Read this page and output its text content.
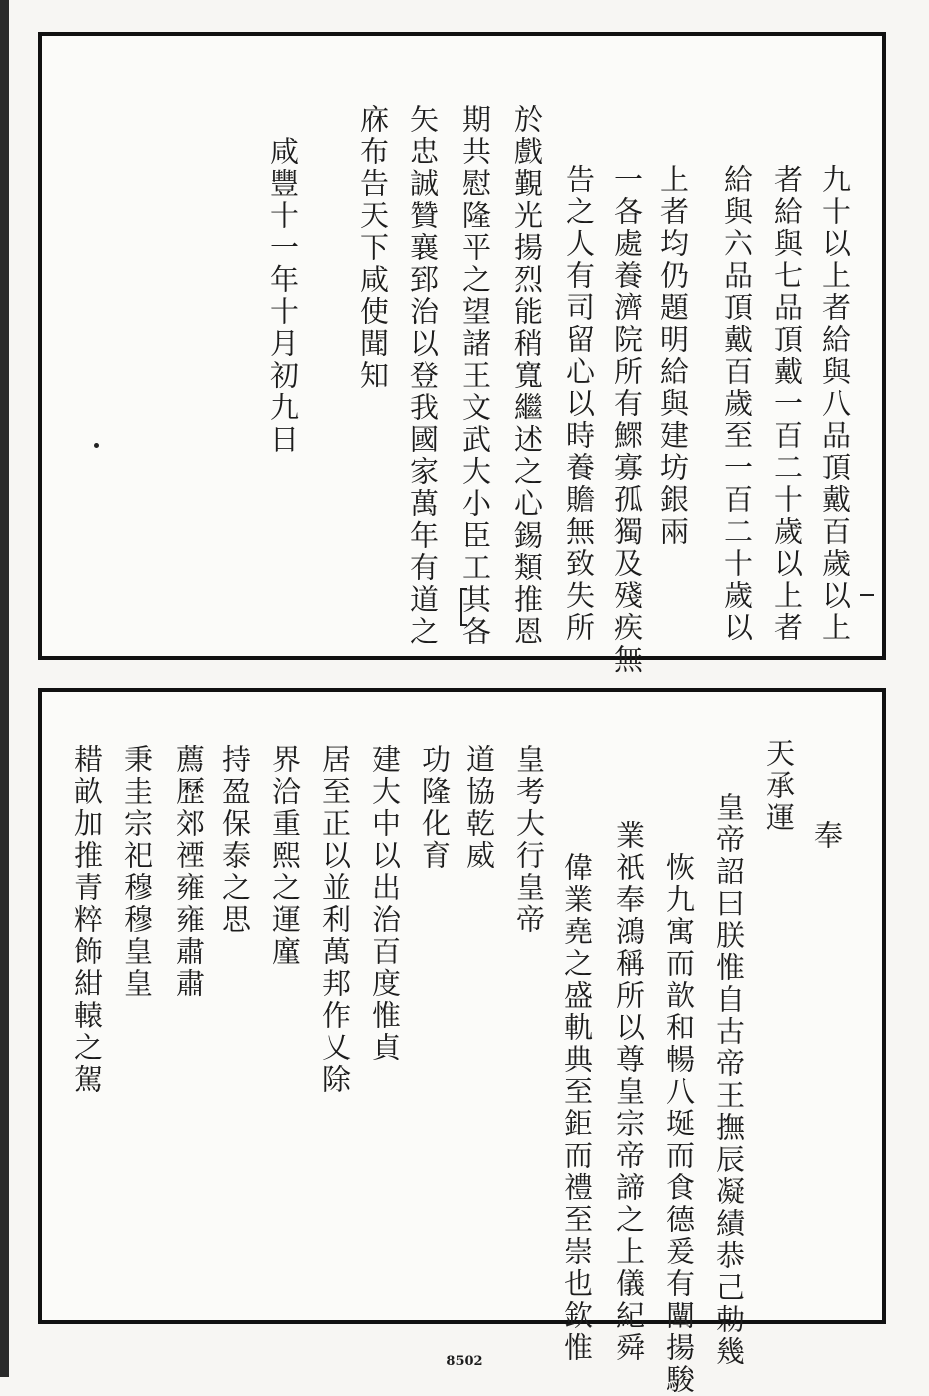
九十以上者給與八品頂戴百歲以上
者給與七品頂戴一百二十歲以上者
給與六品頂戴百歲至一百二十歲以
上者均仍題明給與建坊銀兩
一各處養濟院所有鰥寡孤獨及殘疾無
告之人有司留心以時養贍無致失所
於戲覲光揚烈能稍寬繼述之心錫類推恩
期共慰隆平之望諸王文武大小臣工其各
矢忠誠贊襄郅治以登我國家萬年有道之
庥布告天下咸使聞知
咸豐十一年十月初九日
天承運
奉
皇帝詔曰朕惟自古帝王撫辰凝績恭己勅幾
恢九寓而歆和暢八埏而食德爰有闡揚駿
業祇奉鴻稱所以尊皇宗帝諦之上儀紀舜
偉業堯之盛軌典至鉅而禮至崇也欽惟
皇考大行皇帝
道協乾威
功隆化育
建大中以出治百度惟貞
居至正以並利萬邦作乂除
界洽重熙之運廑
持盈保泰之思
薦歷郊禋雍雍肅肅
秉圭宗祀穆穆皇皇
耤畝加推青粹飾紺轅之駕
8502
